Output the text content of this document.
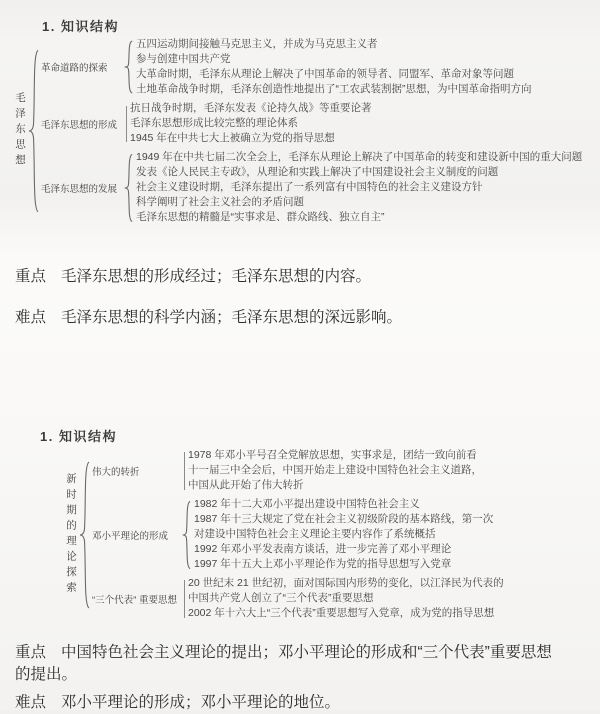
1. 知识结构
毛泽东思想
革命道路的探索
五四运动期间接触马克思主义，并成为马克思主义者
参与创建中国共产党
大革命时期，毛泽东从理论上解决了中国革命的领导者、同盟军、革命对象等问题
土地革命战争时期，毛泽东创造性地提出了“工农武装割据”思想，为中国革命指明方向
毛泽东思想的形成
抗日战争时期，毛泽东发表《论持久战》等重要论著
毛泽东思想形成比较完整的理论体系
1945 年在中共七大上被确立为党的指导思想
毛泽东思想的发展
1949 年在中共七届二次全会上，毛泽东从理论上解决了中国革命的转变和建设新中国的重大问题
发表《论人民民主专政》，从理论和实践上解决了中国建设社会主义制度的问题
社会主义建设时期，毛泽东提出了一系列富有中国特色的社会主义建设方针
科学阐明了社会主义社会的矛盾问题
毛泽东思想的精髓是“实事求是、群众路线、独立自主”

重点 毛泽东思想的形成经过；毛泽东思想的内容。

难点 毛泽东思想的科学内涵；毛泽东思想的深远影响。

1. 知识结构
新时期的理论探索
伟大的转折
1978 年邓小平号召全党解放思想，实事求是，团结一致向前看
十一届三中全会后，中国开始走上建设中国特色社会主义道路，
中国从此开始了伟大转折
邓小平理论的形成
1982 年十二大邓小平提出建设中国特色社会主义
1987 年十三大规定了党在社会主义初级阶段的基本路线，第一次
对建设中国特色社会主义理论主要内容作了系统概括
1992 年邓小平发表南方谈话，进一步完善了邓小平理论
1997 年十五大上邓小平理论作为党的指导思想写入党章
“三个代表” 重要思想
20 世纪末 21 世纪初，面对国际国内形势的变化，以江泽民为代表的
中国共产党人创立了“三个代表”重要思想
2002 年十六大上“三个代表”重要思想写入党章，成为党的指导思想

重点 中国特色社会主义理论的提出；邓小平理论的形成和“三个代表”重要思想的提出。

难点 邓小平理论的形成；邓小平理论的地位。
